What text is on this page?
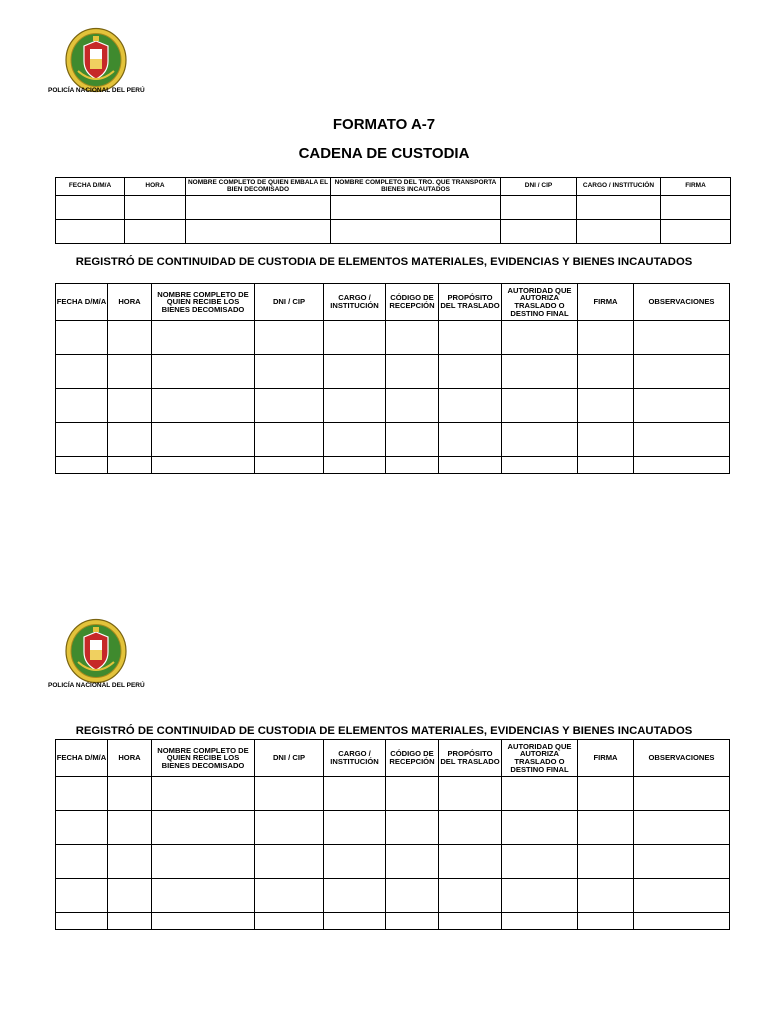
POLICÍA NACIONAL DEL PERÚ
FORMATO A-7
CADENA DE CUSTODIA
FECHA D/M/A	HORA	NOMBRE COMPLETO DE QUIEN EMBALA EL BIEN DECOMISADO	NOMBRE COMPLETO DEL TRO. QUE TRANSPORTA BIENES INCAUTADOS	DNI / CIP	CARGO / INSTITUCIÓN	FIRMA

REGISTRÓ DE CONTINUIDAD DE CUSTODIA DE ELEMENTOS MATERIALES, EVIDENCIAS Y BIENES INCAUTADOS
FECHA D/M/A	HORA	NOMBRE COMPLETO DE QUIEN RECIBE LOS BIENES DECOMISADO	DNI / CIP	CARGO / INSTITUCIÓN	CÓDIGO DE RECEPCIÓN	PROPÓSITO DEL TRASLADO	AUTORIDAD QUE AUTORIZA TRASLADO O DESTINO FINAL	FIRMA	OBSERVACIONES

POLICÍA NACIONAL DEL PERÚ
REGISTRÓ DE CONTINUIDAD DE CUSTODIA DE ELEMENTOS MATERIALES, EVIDENCIAS Y BIENES INCAUTADOS
FECHA D/M/A	HORA	NOMBRE COMPLETO DE QUIEN RECIBE LOS BIENES DECOMISADO	DNI / CIP	CARGO / INSTITUCIÓN	CÓDIGO DE RECEPCIÓN	PROPÓSITO DEL TRASLADO	AUTORIDAD QUE AUTORIZA TRASLADO O DESTINO FINAL	FIRMA	OBSERVACIONES
